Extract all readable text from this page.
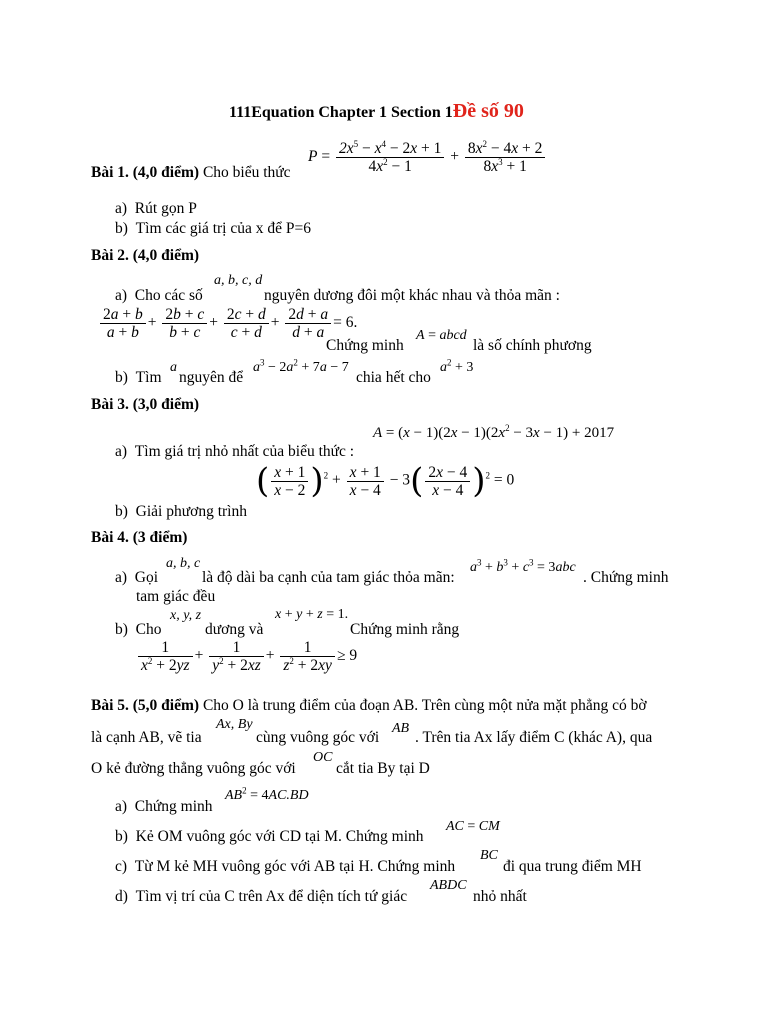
111Equation Chapter 1 Section 1Đề số 90
$P = \frac{2x^5 - x^4 - 2x + 1}{4x^2 - 1} + \frac{8x^2 - 4x + 2}{8x^3 + 1}$
Bài 1. (4,0 điểm) Cho biểu thức
a) Rút gọn P
b) Tìm các giá trị của x để P=6
Bài 2. (4,0 điểm)
a, b, c, d
a) Cho các số	nguyên dương đôi một khác nhau và thỏa mãn :
$\frac{2a + b}{a + b} + \frac{2b + c}{b + c} + \frac{2c + d}{c + d} + \frac{2d + a}{d + a} = 6$.
Chứng minh
A = abcd
là số chính phương
b) Tìm
a
nguyên để
$a^3 - 2a^2 + 7a - 7$
chia hết cho
$a^2 + 3$
Bài 3. (3,0 điểm)
$A = (x - 1)(2x - 1)(2x^2 - 3x - 1) + 2017$
a) Tìm giá trị nhỏ nhất của biểu thức :
( $\frac{x + 1}{x - 2} )^2 + \frac{x + 1}{x - 4} - 3( \frac{2x - 4}{x - 4} )^2 = 0$
b) Giải phương trình
Bài 4. (3 điểm)
a, b, c
a) Gọi	là độ dài ba cạnh của tam giác thỏa mãn:
$a^3 + b^3 + c^3 = 3abc$
. Chứng minh
tam giác đều
x, y, z
b) Cho	dương và
x + y + z = 1.
Chứng minh rằng
$\frac{1}{x^2 + 2yz} + \frac{1}{y^2 + 2xz} + \frac{1}{z^2 + 2xy} \ge 9$
Bài 5. (5,0 điểm) Cho O là trung điểm của đoạn AB. Trên cùng một nửa mặt phẳng có bờ
Ax, By
là cạnh AB, vẽ tia	cùng vuông góc với
AB
. Trên tia Ax lấy điểm C (khác A), qua
O kẻ đường thẳng vuông góc với
OC
cắt tia By tại D
a) Chứng minh
$AB^2 = 4AC.BD$
b) Kẻ OM vuông góc với CD tại M. Chứng minh
AC = CM
c) Từ M kẻ MH vuông góc với AB tại H. Chứng minh
BC
đi qua trung điểm MH
d) Tìm vị trí của C trên Ax để diện tích tứ giác
ABDC
nhỏ nhất
